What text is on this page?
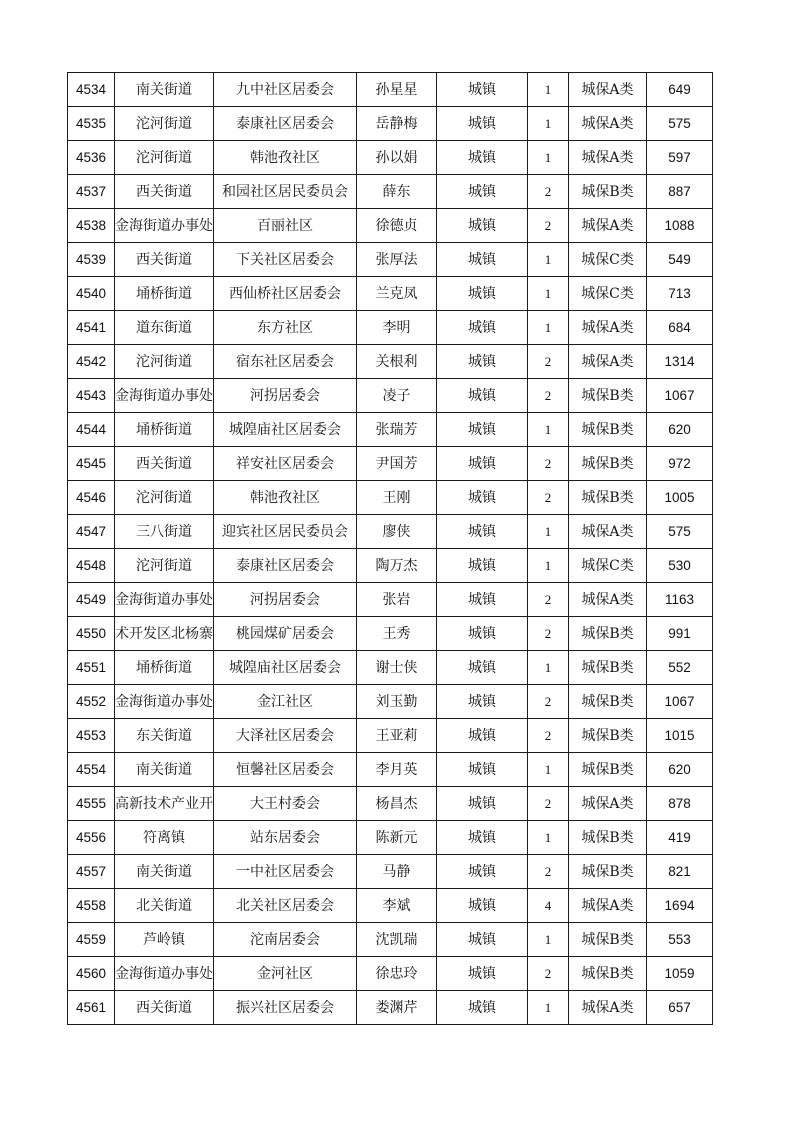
4534	南关街道	九中社区居委会	孙星星	城镇	1	城保A类	649
4535	沱河街道	泰康社区居委会	岳静梅	城镇	1	城保A类	575
4536	沱河街道	韩池孜社区	孙以娟	城镇	1	城保A类	597
4537	西关街道	和园社区居民委员会	薛东	城镇	2	城保B类	887
4538	金海街道办事处	百丽社区	徐德贞	城镇	2	城保A类	1088
4539	西关街道	下关社区居委会	张厚法	城镇	1	城保C类	549
4540	埇桥街道	西仙桥社区居委会	兰克凤	城镇	1	城保C类	713
4541	道东街道	东方社区	李明	城镇	1	城保A类	684
4542	沱河街道	宿东社区居委会	关根利	城镇	2	城保A类	1314
4543	金海街道办事处	河拐居委会	凌子	城镇	2	城保B类	1067
4544	埇桥街道	城隍庙社区居委会	张瑞芳	城镇	1	城保B类	620
4545	西关街道	祥安社区居委会	尹国芳	城镇	2	城保B类	972
4546	沱河街道	韩池孜社区	王刚	城镇	2	城保B类	1005
4547	三八街道	迎宾社区居民委员会	廖侠	城镇	1	城保A类	575
4548	沱河街道	泰康社区居委会	陶万杰	城镇	1	城保C类	530
4549	金海街道办事处	河拐居委会	张岩	城镇	2	城保A类	1163
4550	术开发区北杨寨	桃园煤矿居委会	王秀	城镇	2	城保B类	991
4551	埇桥街道	城隍庙社区居委会	谢士侠	城镇	1	城保B类	552
4552	金海街道办事处	金江社区	刘玉勤	城镇	2	城保B类	1067
4553	东关街道	大泽社区居委会	王亚莉	城镇	2	城保B类	1015
4554	南关街道	恒馨社区居委会	李月英	城镇	1	城保B类	620
4555	高新技术产业开	大王村委会	杨昌杰	城镇	2	城保A类	878
4556	符离镇	站东居委会	陈新元	城镇	1	城保B类	419
4557	南关街道	一中社区居委会	马静	城镇	2	城保B类	821
4558	北关街道	北关社区居委会	李斌	城镇	4	城保A类	1694
4559	芦岭镇	沱南居委会	沈凯瑞	城镇	1	城保B类	553
4560	金海街道办事处	金河社区	徐忠玲	城镇	2	城保B类	1059
4561	西关街道	振兴社区居委会	娄渊芹	城镇	1	城保A类	657
